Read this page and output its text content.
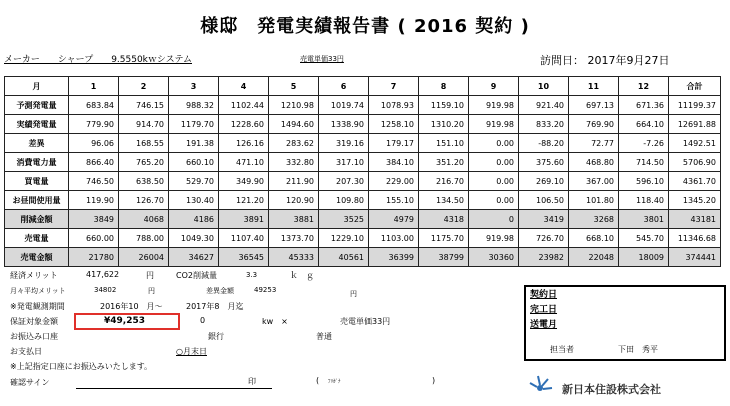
様邸　発電実績報告書 ( 2016 契約 )
メーカー　　シャープ　　9.5550kｗシステム	売電単価33円	訪問日： 2017年9月27日
月	1	2	3	4	5	6	7	8	9	10	11	12	合計
予測発電量	683.84	746.15	988.32	1102.44	1210.98	1019.74	1078.93	1159.10	919.98	921.40	697.13	671.36	11199.37
実績発電量	779.90	914.70	1179.70	1228.60	1494.60	1338.90	1258.10	1310.20	919.98	833.20	769.90	664.10	12691.88
差異	96.06	168.55	191.38	126.16	283.62	319.16	179.17	151.10	0.00	-88.20	72.77	-7.26	1492.51
消費電力量	866.40	765.20	660.10	471.10	332.80	317.10	384.10	351.20	0.00	375.60	468.80	714.50	5706.90
買電量	746.50	638.50	529.70	349.90	211.90	207.30	229.00	216.70	0.00	269.10	367.00	596.10	4361.70
お昼間使用量	119.90	126.70	130.40	121.20	120.90	109.80	155.10	134.50	0.00	106.50	101.80	118.40	1345.20
削減金額	3849	4068	4186	3891	3881	3525	4979	4318	0	3419	3268	3801	43181
売電量	660.00	788.00	1049.30	1107.40	1373.70	1229.10	1103.00	1175.70	919.98	726.70	668.10	545.70	11346.68
売電金額	21780	26004	34627	36545	45333	40561	36399	38799	30360	23982	22048	18009	374441
経済メリット	417,622	円	CO2削減量	3.3	ｋ　ｇ
月々平均メリット	34802	円	差異金額	49253	円
※発電観測期間	2016年10　月～	2017年8　月迄
保証対象金額	¥49,253	0	kw　×	売電単価33円
お振込み口座	銀行	普通
お支払日	○月末日
※上記指定口座にお振込みいたします。
確認サイン	印	( ﾌﾘｶﾞﾅ	)
契約日
完工日
送電月
担当者	下田　秀平
新日本住設株式会社
